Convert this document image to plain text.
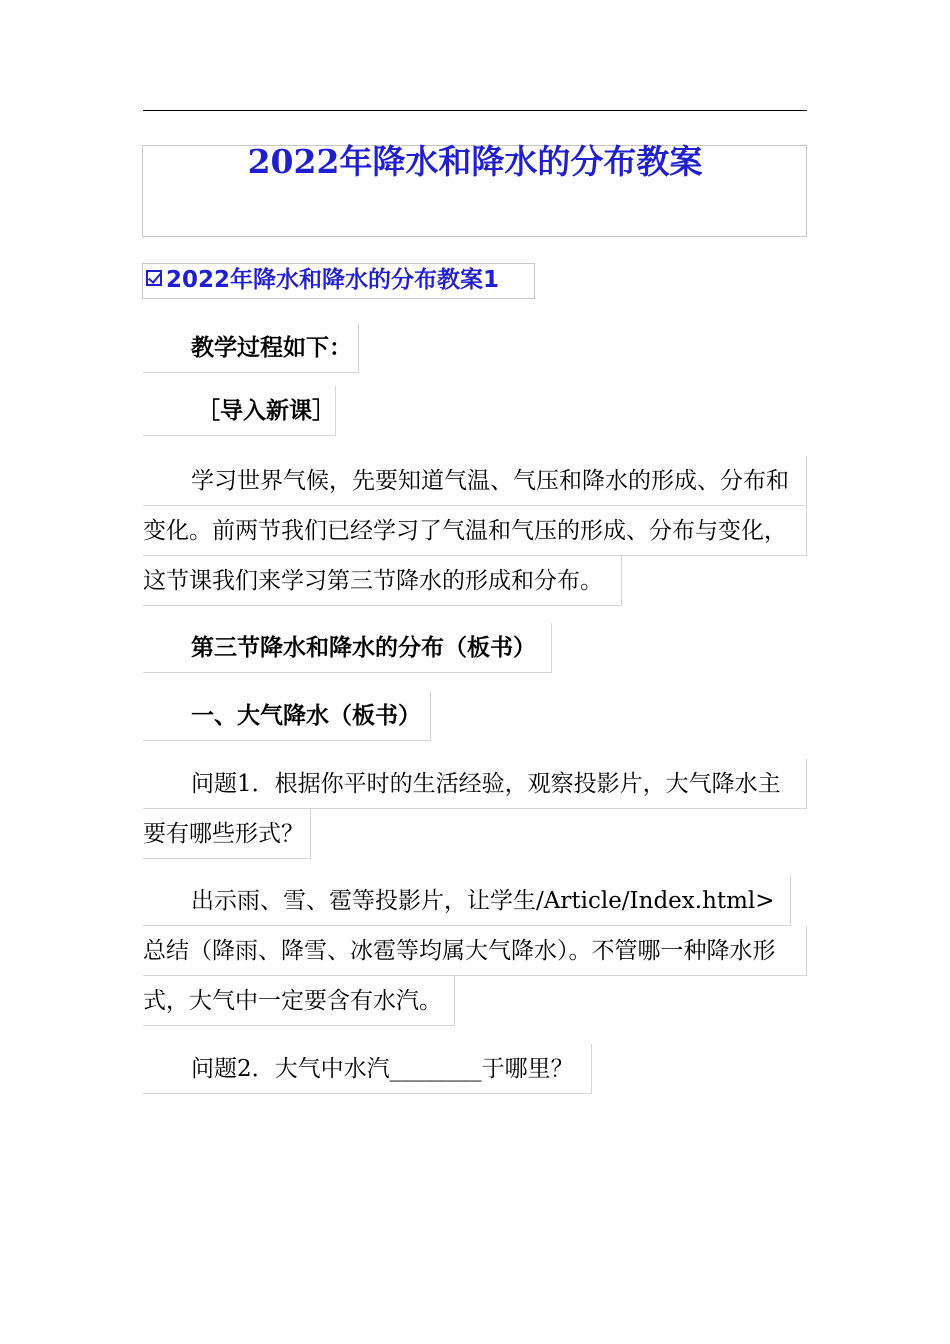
2022年降水和降水的分布教案
2022年降水和降水的分布教案1
教学过程如下：
［导入新课］
学习世界气候，先要知道气温、气压和降水的形成、分布和
变化。前两节我们已经学习了气温和气压的形成、分布与变化，
这节课我们来学习第三节降水的形成和分布。
第三节降水和降水的分布（板书）
一、大气降水（板书）
问题1．根据你平时的生活经验，观察投影片，大气降水主
要有哪些形式？
出示雨、雪、雹等投影片，让学生/Article/Index.html>
总结（降雨、降雪、冰雹等均属大气降水）。不管哪一种降水形
式，大气中一定要含有水汽。
问题2．大气中水汽________于哪里？
